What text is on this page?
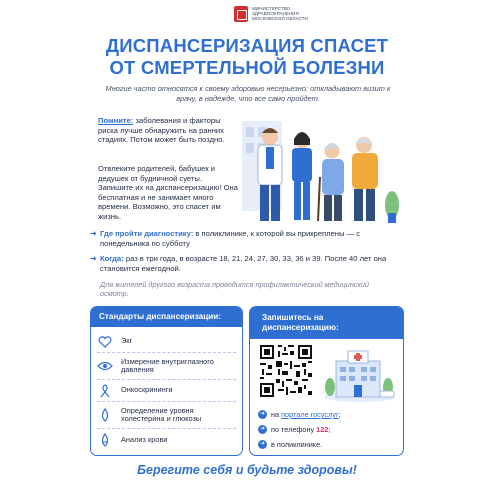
МИНИСТЕРСТВО
ЗДРАВООХРАНЕНИЯ
МОСКОВСКОЙ ОБЛАСТИ
ДИСПАНСЕРИЗАЦИЯ СПАСЕТ
ОТ СМЕРТЕЛЬНОЙ БОЛЕЗНИ
Многие часто относятся к своему здоровью несерьезно: откладывают визит к врачу, в надежде, что все само пройдет.
Помните: заболевания и факторы риска лучше обнаружить на ранних стадиях. Потом может быть поздно.
Отвлеките родителей, бабушек и дедушек от будничной суеты. Запишите их на диспансеризацию! Она бесплатная и не занимает много времени. Возможно, это спасет им жизнь.
➜ Где пройти диагностику: в поликлинике, к которой вы прикреплены — с понедельника по субботу
➜ Когда: раз в три года, в возрасте 18, 21, 24, 27, 30, 33, 36 и 39. После 40 лет она становится ежегодной.
Для жителей другого возраста проводится профилактический медицинский осмотр.
Стандарты диспансеризации:
Экг
Измерение внутриглазного давления
Онкоскрининги
Определение уровня холестерина и глюкозы
Анализ крови
Запишитесь на диспансеризацию:
➜ на портале госуслуг ;
➜ по телефону 122 ;
➜ в поликлинике.
Берегите себя и будьте здоровы!
